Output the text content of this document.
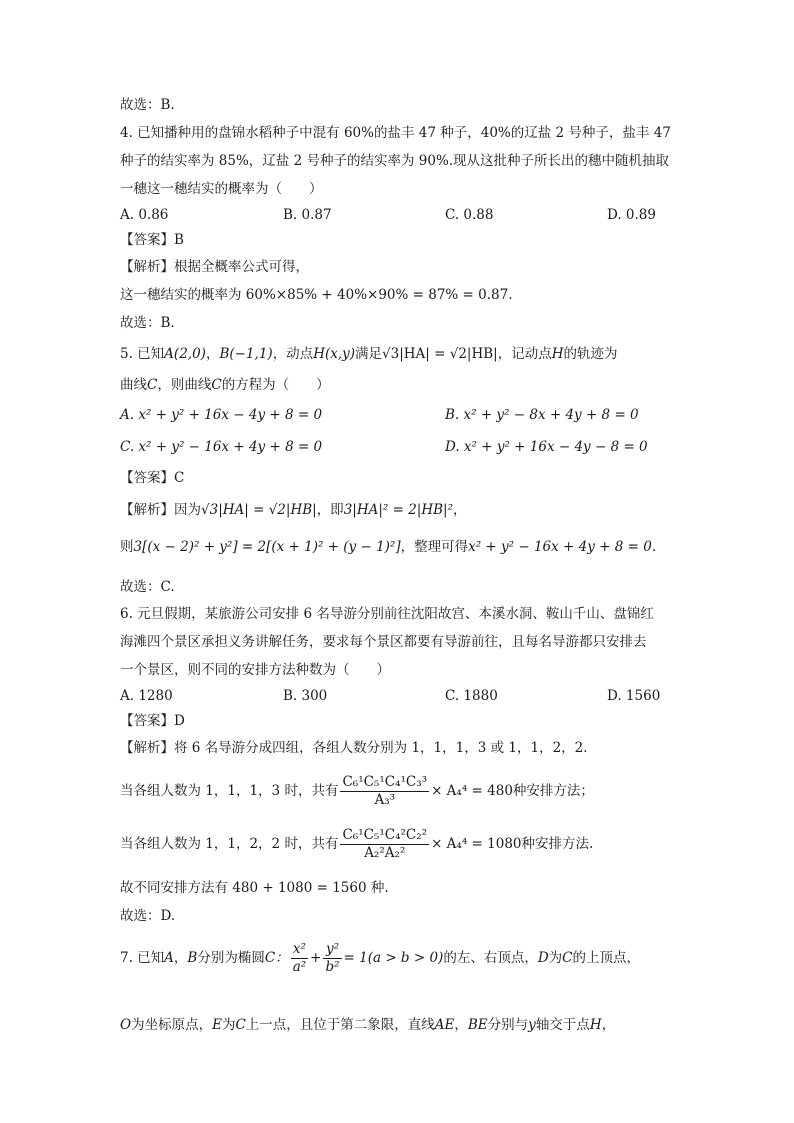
故选：B.
4. 已知播种用的盘锦水稻种子中混有 60%的盐丰 47 种子，40%的辽盐 2 号种子，盐丰 47
种子的结实率为 85%，辽盐 2 号种子的结实率为 90%.现从这批种子所长出的穗中随机抽取
一穗这一穗结实的概率为（　　）
A. 0.86	B. 0.87	C. 0.88	D. 0.89
【答案】B
【解析】根据全概率公式可得，
这一穗结实的概率为 60%×85% + 40%×90% = 87% = 0.87.
故选：B.
5. 已知A(2,0)，B(−1,1)，动点H(x,y)满足√3|HA| = √2|HB|，记动点H的轨迹为
曲线C，则曲线C的方程为（　　）
A. x² + y² + 16x − 4y + 8 = 0	B. x² + y² − 8x + 4y + 8 = 0
C. x² + y² − 16x + 4y + 8 = 0	D. x² + y² + 16x − 4y − 8 = 0
【答案】C
【解析】因为√3|HA| = √2|HB|，即3|HA|² = 2|HB|²，
则3[(x − 2)² + y²] = 2[(x + 1)² + (y − 1)²]，整理可得x² + y² − 16x + 4y + 8 = 0.
故选：C.
6. 元旦假期，某旅游公司安排 6 名导游分别前往沈阳故宫、本溪水洞、鞍山千山、盘锦红
海滩四个景区承担义务讲解任务，要求每个景区都要有导游前往，且每名导游都只安排去
一个景区，则不同的安排方法种数为（　　）
A. 1280	B. 300	C. 1880	D. 1560
【答案】D
【解析】将 6 名导游分成四组，各组人数分别为 1，1，1，3 或 1，1，2，2.
当各组人数为 1，1，1，3 时，共有 $\frac{\text{C₆¹C₅¹C₄¹C₃³}}{\text{A₃³}} \times A_4^4 = 480$种安排方法；
当各组人数为 1，1，2，2 时，共有 $\frac{\text{C₆¹C₅¹C₄²C₂²}}{\text{A₂²A₂²}} \times A_4^4 = 1080$种安排方法.
故不同安排方法有 480 + 1080 = 1560 种.
故选：D.
7. 已知A，B分别为椭圆C： $\frac{\text{x²}}{\text{a²}} + \frac{\text{y²}}{\text{b²}} = 1(a > b > 0)$的左、右顶点，D为C的上顶点，
O为坐标原点，E为C上一点，且位于第二象限，直线AE，BE分别与y轴交于点H，
